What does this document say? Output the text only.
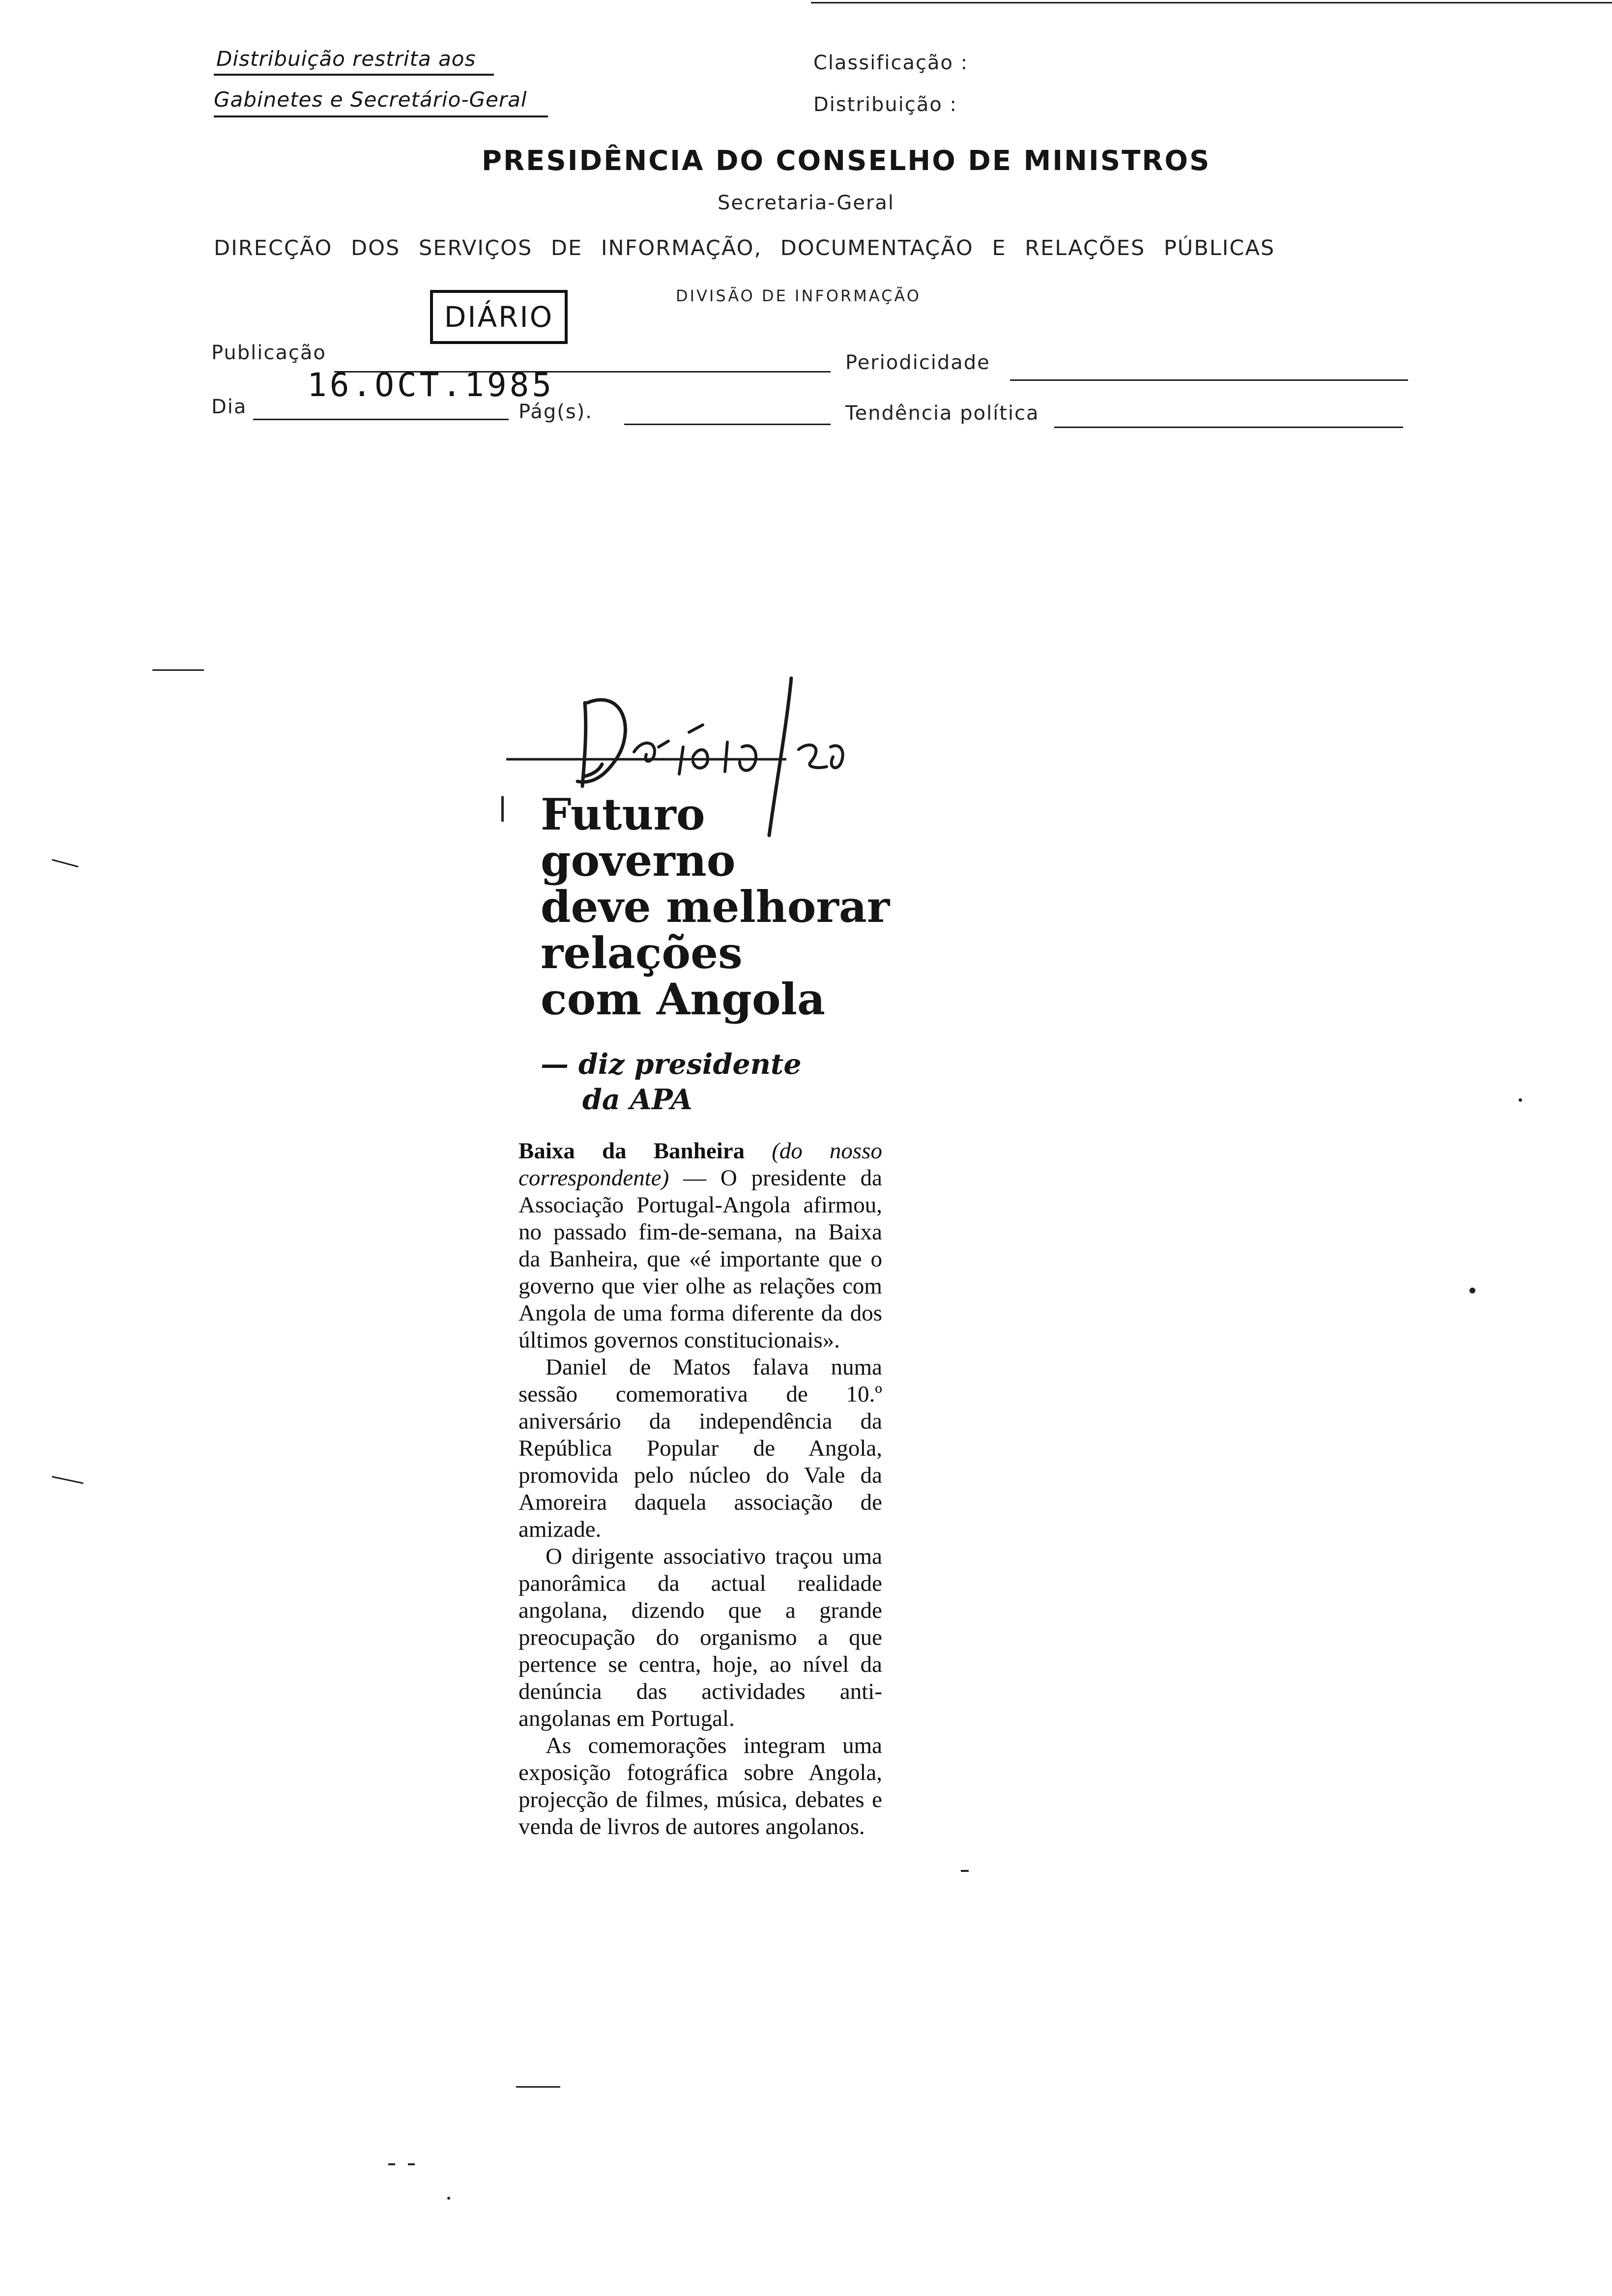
Distribuição restrita aos
Gabinetes e Secretário-Geral
Classificação :
Distribuição :
PRESIDÊNCIA DO CONSELHO DE MINISTROS
Secretaria-Geral
DIRECÇÃO DOS SERVIÇOS DE INFORMAÇÃO, DOCUMENTAÇÃO E RELAÇÕES PÚBLICAS
DIVISÃO DE INFORMAÇÃO
DIÁRIO
Publicação	Periodicidade
Dia
16.OCT.1985
Pág(s).	Tendência política
Futuro
governo
deve melhorar
relações
com Angola
— diz presidente
da APA

Baixa da Banheira (do nosso correspondente) — O presidente da Associação Portugal-Angola afirmou, no passado fim-de-semana, na Baixa da Banheira, que «é importante que o governo que vier olhe as relações com Angola de uma forma diferente da dos últimos governos constitucionais».

Daniel de Matos falava numa sessão comemorativa de 10.º aniversário da independência da República Popular de Angola, promovida pelo núcleo do Vale da Amoreira daquela associação de amizade.

O dirigente associativo traçou uma panorâmica da actual realidade angolana, dizendo que a grande preocupação do organismo a que pertence se centra, hoje, ao nível da denúncia das actividades anti-angolanas em Portugal.

As comemorações integram uma exposição fotográfica sobre Angola, projecção de filmes, música, debates e venda de livros de autores angolanos.
